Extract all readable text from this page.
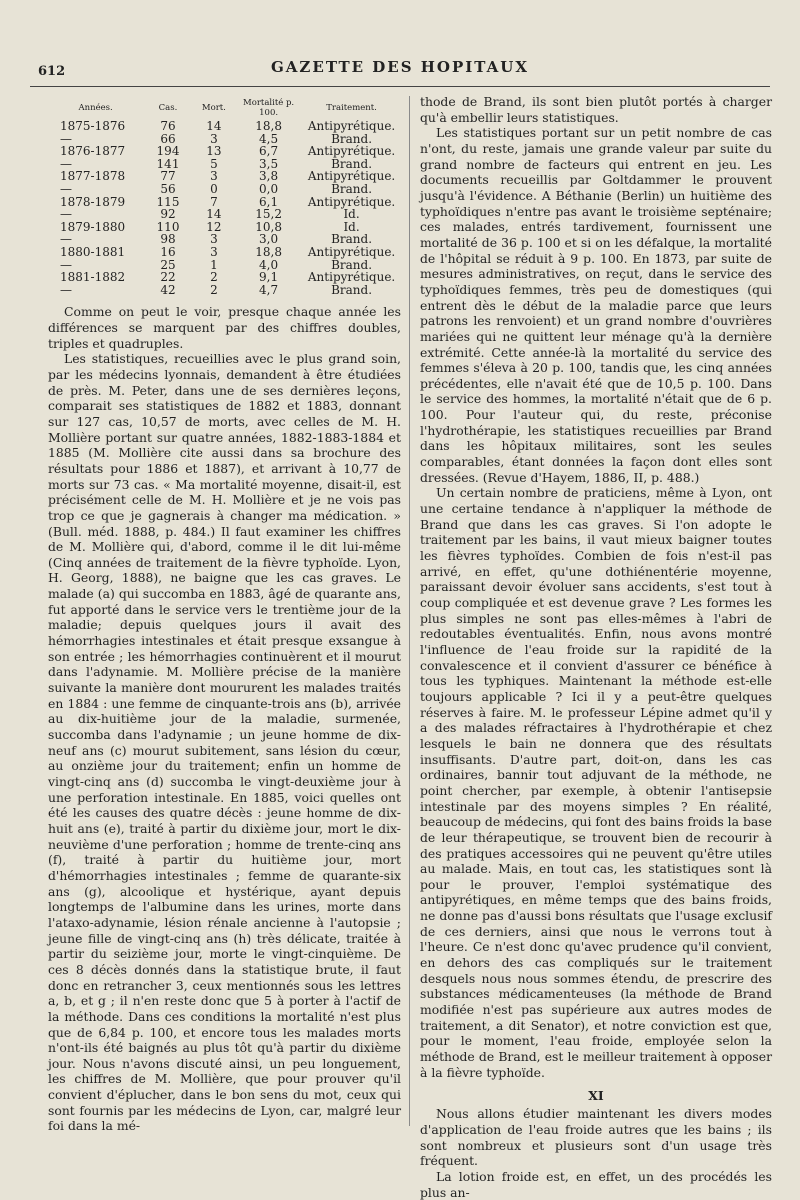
612	GAZETTE DES HOPITAUX
Années.	Cas.	Mort.	Mortalité p. 100.	Traitement.
1875-1876	76	14	18,8	Antipyrétique.
—	66	3	4,5	Brand.
1876-1877	194	13	6,7	Antipyrétique.
—	141	5	3,5	Brand.
1877-1878	77	3	3,8	Antipyrétique.
—	56	0	0,0	Brand.
1878-1879	115	7	6,1	Antipyrétique.
—	92	14	15,2	Id.
1879-1880	110	12	10,8	Id.
—	98	3	3,0	Brand.
1880-1881	16	3	18,8	Antipyrétique.
—	25	1	4,0	Brand.
1881-1882	22	2	9,1	Antipyrétique.
—	42	2	4,7	Brand.

Comme on peut le voir, presque chaque année les différences se marquent par des chiffres doubles, triples et quadruples.

Les statistiques, recueillies avec le plus grand soin, par les médecins lyonnais, demandent à être étudiées de près. M. Peter, dans une de ses dernières leçons, comparait ses statistiques de 1882 et 1883, donnant sur 127 cas, 10,57 de morts, avec celles de M. H. Mollière portant sur quatre années, 1882-1883-1884 et 1885 (M. Mollière cite aussi dans sa brochure des résultats pour 1886 et 1887), et arrivant à 10,77 de morts sur 73 cas. « Ma mortalité moyenne, disait-il, est précisément celle de M. H. Mollière et je ne vois pas trop ce que je gagnerais à changer ma médication. » (Bull. méd. 1888, p. 484.) Il faut examiner les chiffres de M. Mollière qui, d'abord, comme il le dit lui-même (Cinq années de traitement de la fièvre typhoïde. Lyon, H. Georg, 1888), ne baigne que les cas graves. Le malade (a) qui succomba en 1883, âgé de quarante ans, fut apporté dans le service vers le trentième jour de la maladie; depuis quelques jours il avait des hémorrhagies intestinales et était presque exsangue à son entrée ; les hémorrhagies continuèrent et il mourut dans l'adynamie. M. Mollière précise de la manière suivante la manière dont moururent les malades traités en 1884 : une femme de cinquante-trois ans (b), arrivée au dix-huitième jour de la maladie, surmenée, succomba dans l'adynamie ; un jeune homme de dix-neuf ans (c) mourut subitement, sans lésion du cœur, au onzième jour du traitement; enfin un homme de vingt-cinq ans (d) succomba le vingt-deuxième jour à une perforation intestinale. En 1885, voici quelles ont été les causes des quatre décès : jeune homme de dix-huit ans (e), traité à partir du dixième jour, mort le dix-neuvième d'une perforation ; homme de trente-cinq ans (f), traité à partir du huitième jour, mort d'hémorrhagies intestinales ; femme de quarante-six ans (g), alcoolique et hystérique, ayant depuis longtemps de l'albumine dans les urines, morte dans l'ataxo-adynamie, lésion rénale ancienne à l'autopsie ; jeune fille de vingt-cinq ans (h) très délicate, traitée à partir du seizième jour, morte le vingt-cinquième. De ces 8 décès donnés dans la statistique brute, il faut donc en retrancher 3, ceux mentionnés sous les lettres a, b, et g ; il n'en reste donc que 5 à porter à l'actif de la méthode. Dans ces conditions la mortalité n'est plus que de 6,84 p. 100, et encore tous les malades morts n'ont-ils été baignés au plus tôt qu'à partir du dixième jour. Nous n'avons discuté ainsi, un peu longuement, les chiffres de M. Mollière, que pour prouver qu'il convient d'éplucher, dans le bon sens du mot, ceux qui sont fournis par les médecins de Lyon, car, malgré leur foi dans la mé-

thode de Brand, ils sont bien plutôt portés à charger qu'à embellir leurs statistiques.

Les statistiques portant sur un petit nombre de cas n'ont, du reste, jamais une grande valeur par suite du grand nombre de facteurs qui entrent en jeu. Les documents recueillis par Goltdammer le prouvent jusqu'à l'évidence. A Béthanie (Berlin) un huitième des typhoïdiques n'entre pas avant le troisième septénaire; ces malades, entrés tardivement, fournissent une mortalité de 36 p. 100 et si on les défalque, la mortalité de l'hôpital se réduit à 9 p. 100. En 1873, par suite de mesures administratives, on reçut, dans le service des typhoïdiques femmes, très peu de domestiques (qui entrent dès le début de la maladie parce que leurs patrons les renvoient) et un grand nombre d'ouvrières mariées qui ne quittent leur ménage qu'à la dernière extrémité. Cette année-là la mortalité du service des femmes s'éleva à 20 p. 100, tandis que, les cinq années précédentes, elle n'avait été que de 10,5 p. 100. Dans le service des hommes, la mortalité n'était que de 6 p. 100. Pour l'auteur qui, du reste, préconise l'hydrothérapie, les statistiques recueillies par Brand dans les hôpitaux militaires, sont les seules comparables, étant données la façon dont elles sont dressées. (Revue d'Hayem, 1886, II, p. 488.)

Un certain nombre de praticiens, même à Lyon, ont une certaine tendance à n'appliquer la méthode de Brand que dans les cas graves. Si l'on adopte le traitement par les bains, il vaut mieux baigner toutes les fièvres typhoïdes. Combien de fois n'est-il pas arrivé, en effet, qu'une dothiénentérie moyenne, paraissant devoir évoluer sans accidents, s'est tout à coup compliquée et est devenue grave ? Les formes les plus simples ne sont pas elles-mêmes à l'abri de redoutables éventualités. Enfin, nous avons montré l'influence de l'eau froide sur la rapidité de la convalescence et il convient d'assurer ce bénéfice à tous les typhiques. Maintenant la méthode est-elle toujours applicable ? Ici il y a peut-être quelques réserves à faire. M. le professeur Lépine admet qu'il y a des malades réfractaires à l'hydrothérapie et chez lesquels le bain ne donnera que des résultats insuffisants. D'autre part, doit-on, dans les cas ordinaires, bannir tout adjuvant de la méthode, ne point chercher, par exemple, à obtenir l'antisepsie intestinale par des moyens simples ? En réalité, beaucoup de médecins, qui font des bains froids la base de leur thérapeutique, se trouvent bien de recourir à des pratiques accessoires qui ne peuvent qu'être utiles au malade. Mais, en tout cas, les statistiques sont là pour le prouver, l'emploi systématique des antipyrétiques, en même temps que des bains froids, ne donne pas d'aussi bons résultats que l'usage exclusif de ces derniers, ainsi que nous le verrons tout à l'heure. Ce n'est donc qu'avec prudence qu'il convient, en dehors des cas compliqués sur le traitement desquels nous nous sommes étendu, de prescrire des substances médicamenteuses (la méthode de Brand modifiée n'est pas supérieure aux autres modes de traitement, a dit Senator), et notre conviction est que, pour le moment, l'eau froide, employée selon la méthode de Brand, est le meilleur traitement à opposer à la fièvre typhoïde.

XI

Nous allons étudier maintenant les divers modes d'application de l'eau froide autres que les bains ; ils sont nombreux et plusieurs sont d'un usage très fréquent.

La lotion froide est, en effet, un des procédés les plus an-
